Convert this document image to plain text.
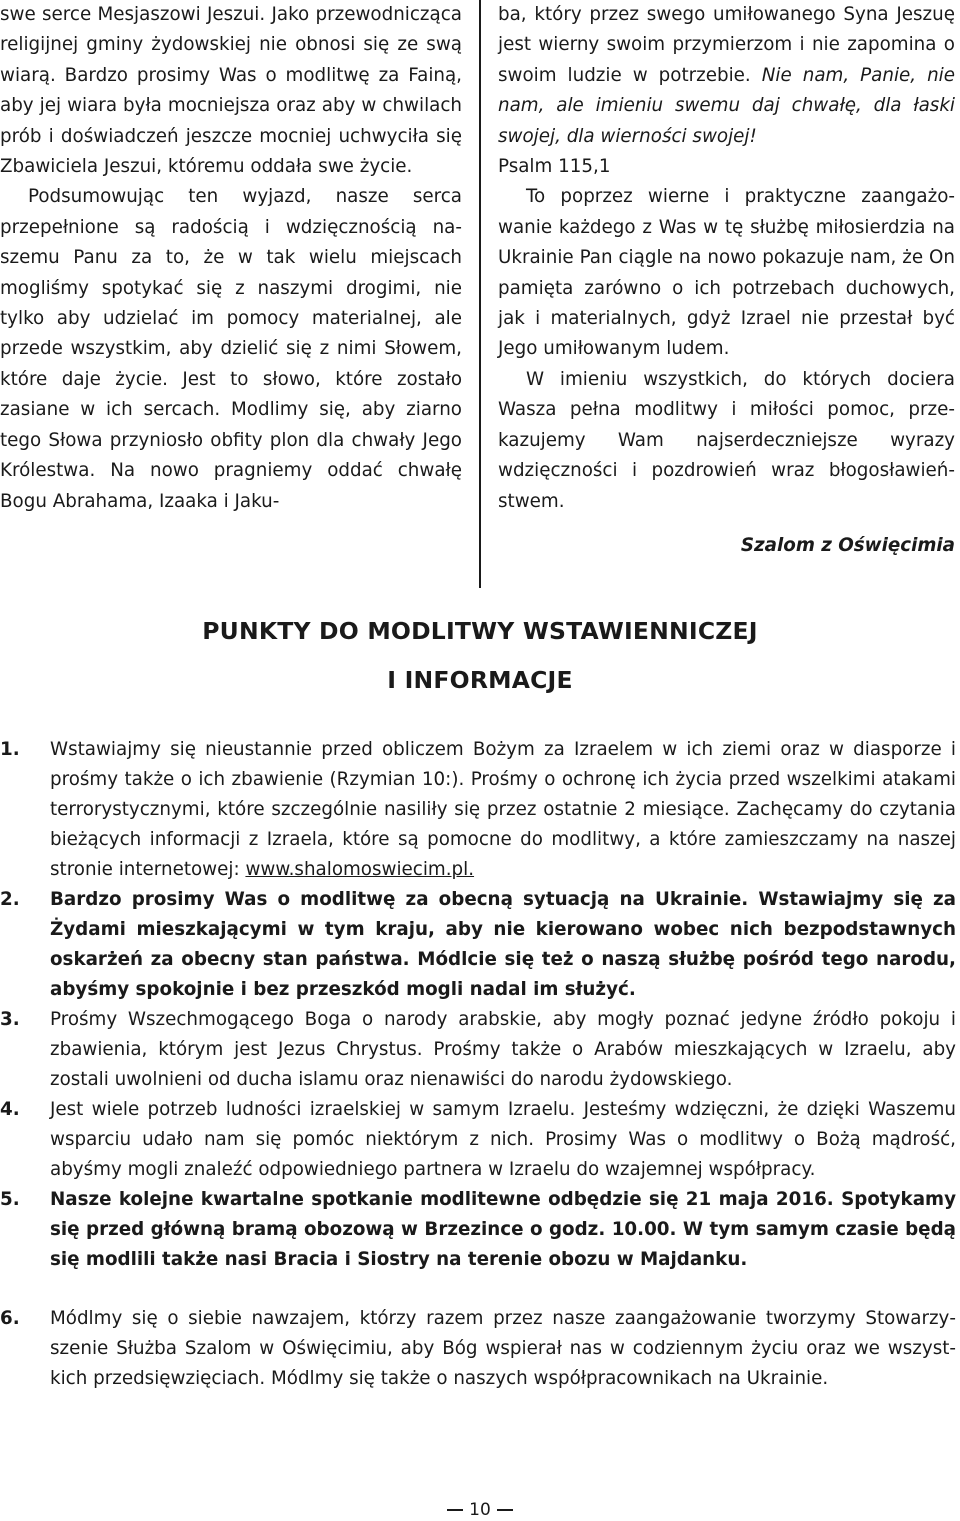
swe serce Mesjaszowi Jeszui. Jako przewodnicząca religijnej gminy żydowskiej nie obnosi się ze swą wiarą. Bardzo prosimy Was o modlitwę za Fainą, aby jej wiara była mocniejsza oraz aby w chwilach prób i doświadczeń jeszcze mocniej uchwyciła się Zbawiciela Jeszui, któremu oddała swe życie.

Podsumowując ten wyjazd, nasze serca przepełnione są radością i wdzięcznością naszemu Panu za to, że w tak wielu miejscach mogliśmy spotykać się z naszymi drogimi, nie tylko aby udzielać im pomocy materialnej, ale przede wszystkim, aby dzielić się z nimi Słowem, które daje życie. Jest to słowo, które zostało zasiane w ich sercach. Modlimy się, aby ziarno tego Słowa przyniosło obfity plon dla chwały Jego Królestwa. Na nowo pragniemy oddać chwałę Bogu Abrahama, Izaaka i Jaku-

ba, który przez swego umiłowanego Syna Jeszuę jest wierny swoim przymierzom i nie zapomina o swoim ludzie w potrzebie. Nie nam, Panie, nie nam, ale imieniu swemu daj chwałę, dla łaski swojej, dla wierności swojej!
Psalm 115,1

To poprzez wierne i praktyczne zaangażowanie każdego z Was w tę służbę miłosierdzia na Ukrainie Pan ciągle na nowo pokazuje nam, że On pamięta zarówno o ich potrzebach duchowych, jak i materialnych, gdyż Izrael nie przestał być Jego umiłowanym ludem.

W imieniu wszystkich, do których dociera Wasza pełna modlitwy i miłości pomoc, przekazujemy Wam najserdeczniejsze wyrazy wdzięczności i pozdrowień wraz błogosławieństwem.

Szalom z Oświęcimia

PUNKTY DO MODLITWY WSTAWIENNICZEJ
I INFORMACJE
1. Wstawiajmy się nieustannie przed obliczem Bożym za Izraelem w ich ziemi oraz w diasporze i prośmy także o ich zbawienie (Rzymian 10:). Prośmy o ochronę ich życia przed wszelkimi atakami terrorystycznymi, które szczególnie nasiliły się przez ostatnie 2 miesiące. Zachęcamy do czytania bieżących informacji z Izraela, które są pomocne do modlitwy, a które zamieszczamy na naszej stronie internetowej: www.shalomoswiecim.pl.

2. Bardzo prosimy Was o modlitwę za obecną sytuacją na Ukrainie. Wstawiajmy się za Żydami mieszkającymi w tym kraju, aby nie kierowano wobec nich bezpodstawnych oskarżeń za obecny stan państwa. Módlcie się też o naszą służbę pośród tego narodu, abyśmy spokojnie i bez przeszkód mogli nadal im służyć.

3. Prośmy Wszechmogącego Boga o narody arabskie, aby mogły poznać jedyne źródło pokoju i zbawienia, którym jest Jezus Chrystus. Prośmy także o Arabów mieszkających w Izraelu, aby zostali uwolnieni od ducha islamu oraz nienawiści do narodu żydowskiego.

4. Jest wiele potrzeb ludności izraelskiej w samym Izraelu. Jesteśmy wdzięczni, że dzięki Waszemu wsparciu udało nam się pomóc niektórym z nich. Prosimy Was o modlitwy o Bożą mądrość, abyśmy mogli znaleźć odpowiedniego partnera w Izraelu do wzajemnej współpracy.

5. Nasze kolejne kwartalne spotkanie modlitewne odbędzie się 21 maja 2016. Spotykamy się przed główną bramą obozową w Brzezince o godz. 10.00. W tym samym czasie będą się modlili także nasi Bracia i Siostry na terenie obozu w Majdanku.

6. Módlmy się o siebie nawzajem, którzy razem przez nasze zaangażowanie tworzymy Stowarzyszenie Służba Szalom w Oświęcimiu, aby Bóg wspierał nas w codziennym życiu oraz we wszystkich przedsięwzięciach. Módlmy się także o naszych współpracownikach na Ukrainie.

10
